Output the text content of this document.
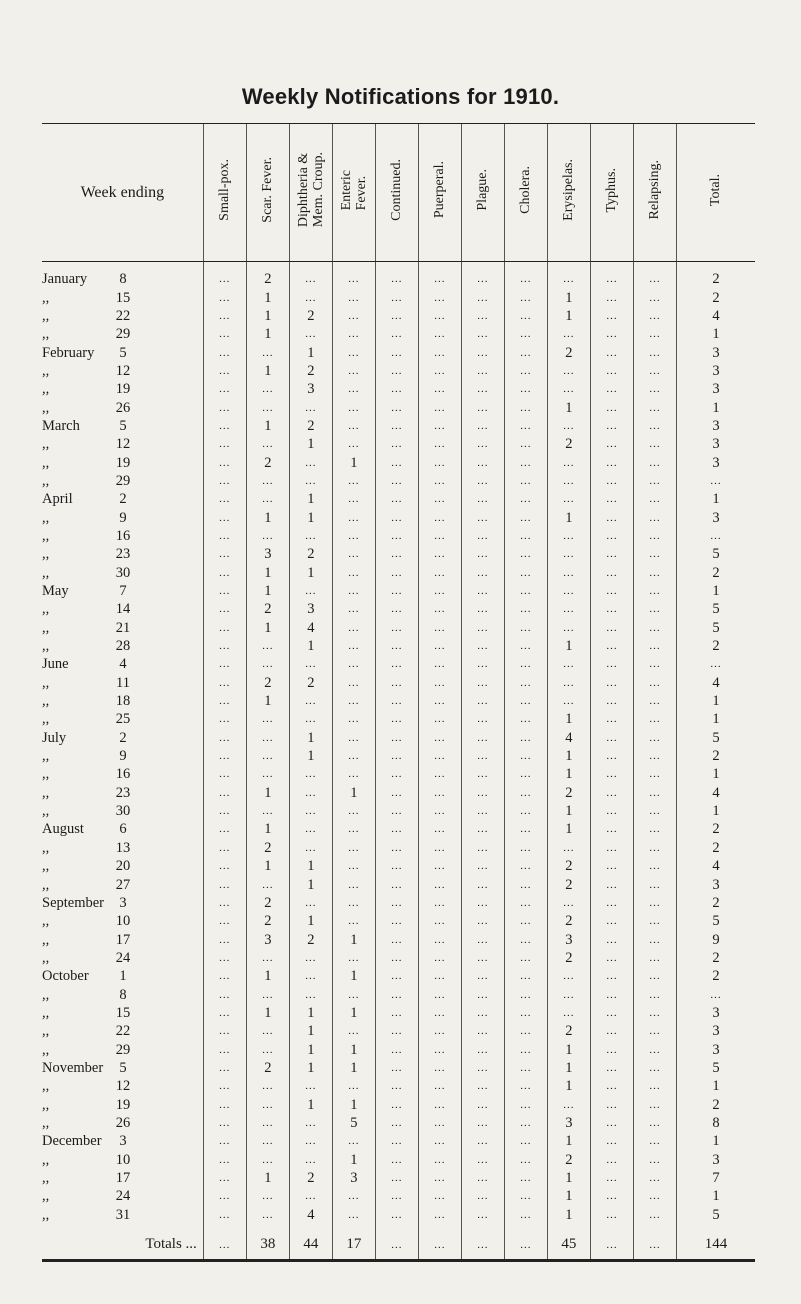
Weekly Notifications for 1910.
Week ending	Small-pox.	Scar. Fever.	Diphtheria &
Mem. Croup.	Enteric
Fever.	Continued.	Puerperal.	Plague.	Cholera.	Erysipelas.	Typhus.	Relapsing.	Total.
January 8	...	2	...	...	...	...	...	...	...	...	...	2
,, 15	...	1	...	...	...	...	...	...	1	...	...	2
,, 22	...	1	2	...	...	...	...	...	1	...	...	4
,, 29	...	1	...	...	...	...	...	...	...	...	...	1
February 5	...	...	1	...	...	...	...	...	2	...	...	3
,, 12	...	1	2	...	...	...	...	...	...	...	...	3
,, 19	...	...	3	...	...	...	...	...	...	...	...	3
,, 26	...	...	...	...	...	...	...	...	1	...	...	1
March 5	...	1	2	...	...	...	...	...	...	...	...	3
,, 12	...	...	1	...	...	...	...	...	2	...	...	3
,, 19	...	2	...	1	...	...	...	...	...	...	...	3
,, 29	...	...	...	...	...	...	...	...	...	...	...	...
April 2	...	...	1	...	...	...	...	...	...	...	...	1
,, 9	...	1	1	...	...	...	...	...	1	...	...	3
,, 16	...	...	...	...	...	...	...	...	...	...	...	...
,, 23	...	3	2	...	...	...	...	...	...	...	...	5
,, 30	...	1	1	...	...	...	...	...	...	...	...	2
May 7	...	1	...	...	...	...	...	...	...	...	...	1
,, 14	...	2	3	...	...	...	...	...	...	...	...	5
,, 21	...	1	4	...	...	...	...	...	...	...	...	5
,, 28	...	...	1	...	...	...	...	...	1	...	...	2
June 4	...	...	...	...	...	...	...	...	...	...	...	...
,, 11	...	2	2	...	...	...	...	...	...	...	...	4
,, 18	...	1	...	...	...	...	...	...	...	...	...	1
,, 25	...	...	...	...	...	...	...	...	1	...	...	1
July 2	...	...	1	...	...	...	...	...	4	...	...	5
,, 9	...	...	1	...	...	...	...	...	1	...	...	2
,, 16	...	...	...	...	...	...	...	...	1	...	...	1
,, 23	...	1	...	1	...	...	...	...	2	...	...	4
,, 30	...	...	...	...	...	...	...	...	1	...	...	1
August 6	...	1	...	...	...	...	...	...	1	...	...	2
,, 13	...	2	...	...	...	...	...	...	...	...	...	2
,, 20	...	1	1	...	...	...	...	...	2	...	...	4
,, 27	...	...	1	...	...	...	...	...	2	...	...	3
September 3	...	2	...	...	...	...	...	...	...	...	...	2
,, 10	...	2	1	...	...	...	...	...	2	...	...	5
,, 17	...	3	2	1	...	...	...	...	3	...	...	9
,, 24	...	...	...	...	...	...	...	...	2	...	...	2
October 1	...	1	...	1	...	...	...	...	...	...	...	2
,, 8	...	...	...	...	...	...	...	...	...	...	...	...
,, 15	...	1	1	1	...	...	...	...	...	...	...	3
,, 22	...	...	1	...	...	...	...	...	2	...	...	3
,, 29	...	...	1	1	...	...	...	...	1	...	...	3
November 5	...	2	1	1	...	...	...	...	1	...	...	5
,, 12	...	...	...	...	...	...	...	...	1	...	...	1
,, 19	...	...	1	1	...	...	...	...	...	...	...	2
,, 26	...	...	...	5	...	...	...	...	3	...	...	8
December 3	...	...	...	...	...	...	...	...	1	...	...	1
,, 10	...	...	...	1	...	...	...	...	2	...	...	3
,, 17	...	1	2	3	...	...	...	...	1	...	...	7
,, 24	...	...	...	...	...	...	...	...	1	...	...	1
,, 31	...	...	4	...	...	...	...	...	1	...	...	5
Totals ...	...	38	44	17	...	...	...	...	45	...	...	144
